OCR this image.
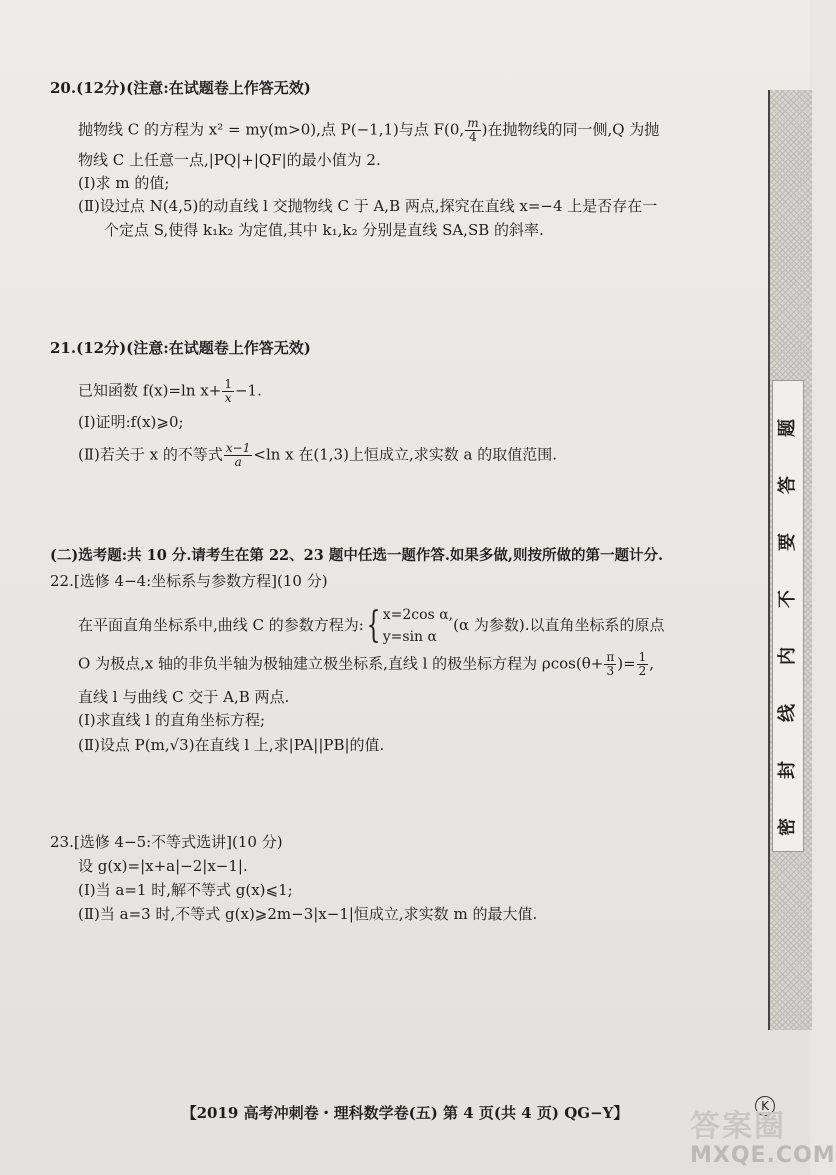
20.(12分)(注意:在试题卷上作答无效)
抛物线 C 的方程为 x² = my(m>0),点 P(−1,1)与点 F(0, $\frac{m}{4}$ )在抛物线的同一侧,Q 为抛
物线 C 上任意一点,|PQ|+|QF|的最小值为 2.
(Ⅰ)求 m 的值;
(Ⅱ)设过点 N(4,5)的动直线 l 交抛物线 C 于 A,B 两点,探究在直线 x=−4 上是否存在一
个定点 S,使得 k₁k₂ 为定值,其中 k₁,k₂ 分别是直线 SA,SB 的斜率.
21.(12分)(注意:在试题卷上作答无效)
已知函数 f(x)=ln $x+ \frac{1}{x} -1$.
(Ⅰ)证明:f(x)⩾0;
(Ⅱ)若关于 x 的不等式 $\frac{x-1}{a} <\ln$ x 在(1,3)上恒成立,求实数 a 的取值范围.
(二)选考题:共 10 分.请考生在第 22、23 题中任选一题作答.如果多做,则按所做的第一题计分.
22.[选修 4−4:坐标系与参数方程](10 分)
在平面直角坐标系中,曲线 C 的参数方程为:{ x=2cos α,
y=sin α
(α 为参数).以直角坐标系的原点
O 为极点,x 轴的非负半轴为极轴建立极坐标系,直线 l 的极坐标方程为 $\rho\cos(\theta+ \frac{\pi}{3}$ )= $\frac{1}{2}$ ,
直线 l 与曲线 C 交于 A,B 两点.
(Ⅰ)求直线 l 的直角坐标方程;
(Ⅱ)设点 P(m,√3)在直线 l 上,求|PA||PB|的值.
23.[选修 4−5:不等式选讲](10 分)
设 g(x)=|x+a|−2|x−1|.
(Ⅰ)当 a=1 时,解不等式 g(x)⩽1;
(Ⅱ)当 a=3 时,不等式 g(x)⩾2m−3|x−1|恒成立,求实数 m 的最大值.
密
封
线
内
不
要
答
题
【2019 高考冲刺卷・理科数学卷(五) 第 4 页(共 4 页) QG−Y】	K
答案圈
MXQE.COM
